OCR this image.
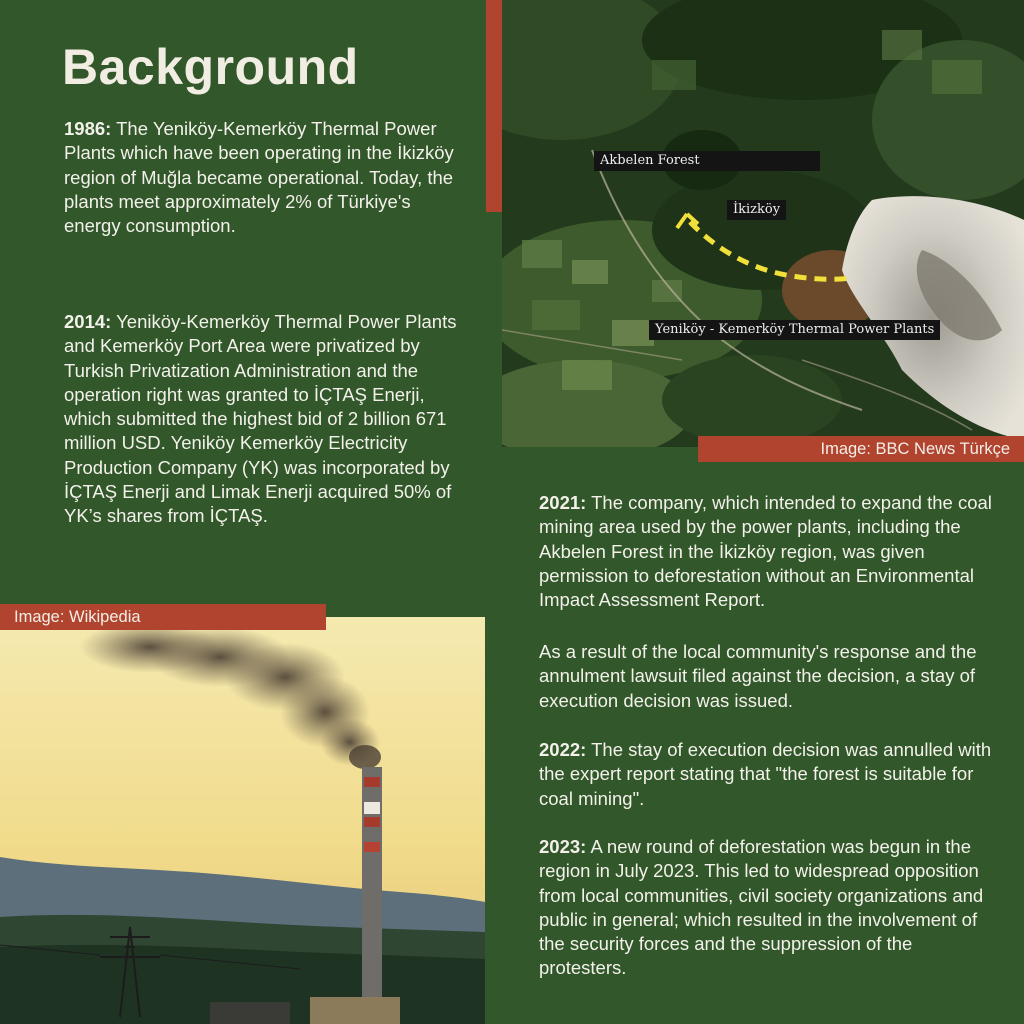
Background

1986: The Yeniköy-Kemerköy Thermal Power Plants which have been operating in the İkizköy region of Muğla became operational. Today, the plants meet approximately 2% of Türkiye's energy consumption.

2014: Yeniköy-Kemerköy Thermal Power Plants and Kemerköy Port Area were privatized by Turkish Privatization Administration and the operation right was granted to İÇTAŞ Enerji, which submitted the highest bid of 2 billion 671 million USD. Yeniköy Kemerköy Electricity Production Company (YK) was incorporated by İÇTAŞ Enerji and Limak Enerji acquired 50% of YK’s shares from İÇTAŞ.

Akbelen Forest
İkizköy
Yeniköy - Kemerköy Thermal Power Plants
Image: BBC News Türkçe

2021: The company, which intended to expand the coal mining area used by the power plants, including the Akbelen Forest in the İkizköy region, was given permission to deforestation without an Environmental Impact Assessment Report.

As a result of the local community's response and the annulment lawsuit filed against the decision, a stay of execution decision was issued.

2022: The stay of execution decision was annulled with the expert report stating that "the forest is suitable for coal mining".

2023: A new round of deforestation was begun in the region in July 2023. This led to widespread opposition from local communities, civil society organizations and public in general; which resulted in the involvement of the security forces and the suppression of the protesters.

Image: Wikipedia
